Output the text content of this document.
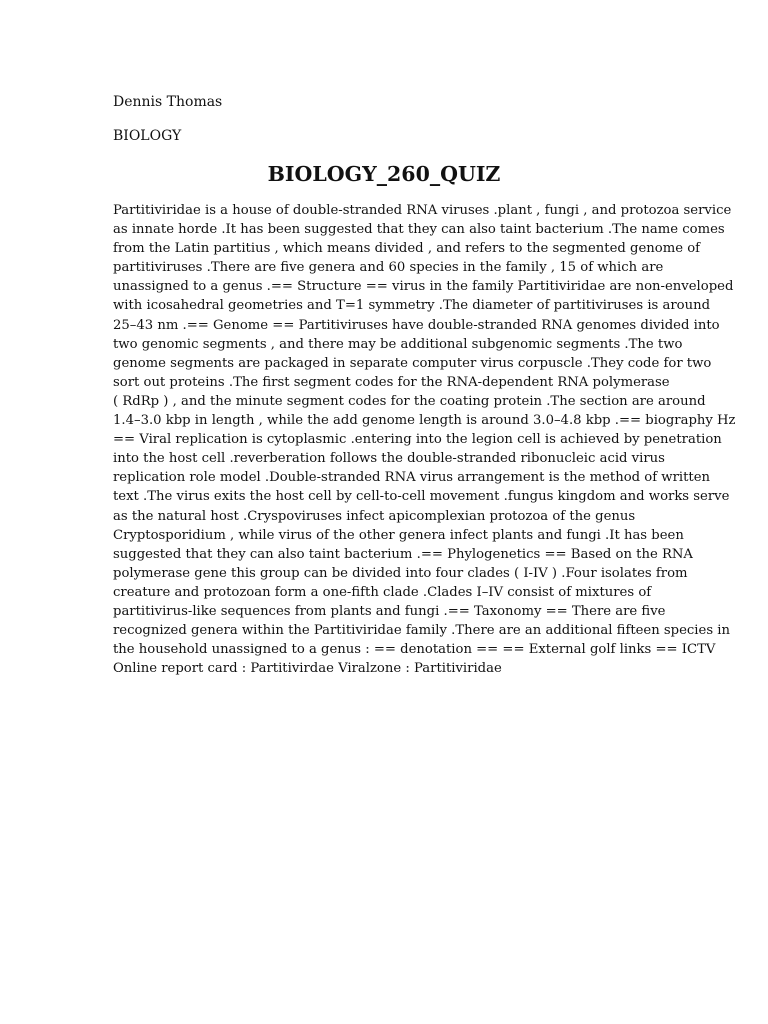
Dennis Thomas
BIOLOGY
BIOLOGY_260_QUIZ

Partitiviridae is a house of double-stranded RNA viruses .plant , fungi , and protozoa service
as innate horde .It has been suggested that they can also taint bacterium .The name comes
from the Latin partitius , which means divided , and refers to the segmented genome of
partitiviruses .There are five genera and 60 species in the family , 15 of which are
unassigned to a genus .== Structure == virus in the family Partitiviridae are non-enveloped
with icosahedral geometries and T=1 symmetry .The diameter of partitiviruses is around
25–43 nm .== Genome == Partitiviruses have double-stranded RNA genomes divided into
two genomic segments , and there may be additional subgenomic segments .The two
genome segments are packaged in separate computer virus corpuscle .They code for two
sort out proteins .The first segment codes for the RNA-dependent RNA polymerase
( RdRp ) , and the minute segment codes for the coating protein .The section are around
1.4–3.0 kbp in length , while the add genome length is around 3.0–4.8 kbp .== biography Hz
== Viral replication is cytoplasmic .entering into the legion cell is achieved by penetration
into the host cell .reverberation follows the double-stranded ribonucleic acid virus
replication role model .Double-stranded RNA virus arrangement is the method of written
text .The virus exits the host cell by cell-to-cell movement .fungus kingdom and works serve
as the natural host .Cryspoviruses infect apicomplexian protozoa of the genus
Cryptosporidium , while virus of the other genera infect plants and fungi .It has been
suggested that they can also taint bacterium .== Phylogenetics == Based on the RNA
polymerase gene this group can be divided into four clades ( I-IV ) .Four isolates from
creature and protozoan form a one-fifth clade .Clades I–IV consist of mixtures of
partitivirus-like sequences from plants and fungi .== Taxonomy == There are five
recognized genera within the Partitiviridae family .There are an additional fifteen species in
the household unassigned to a genus : == denotation == == External golf links == ICTV
Online report card : Partitivirdae Viralzone : Partitiviridae
